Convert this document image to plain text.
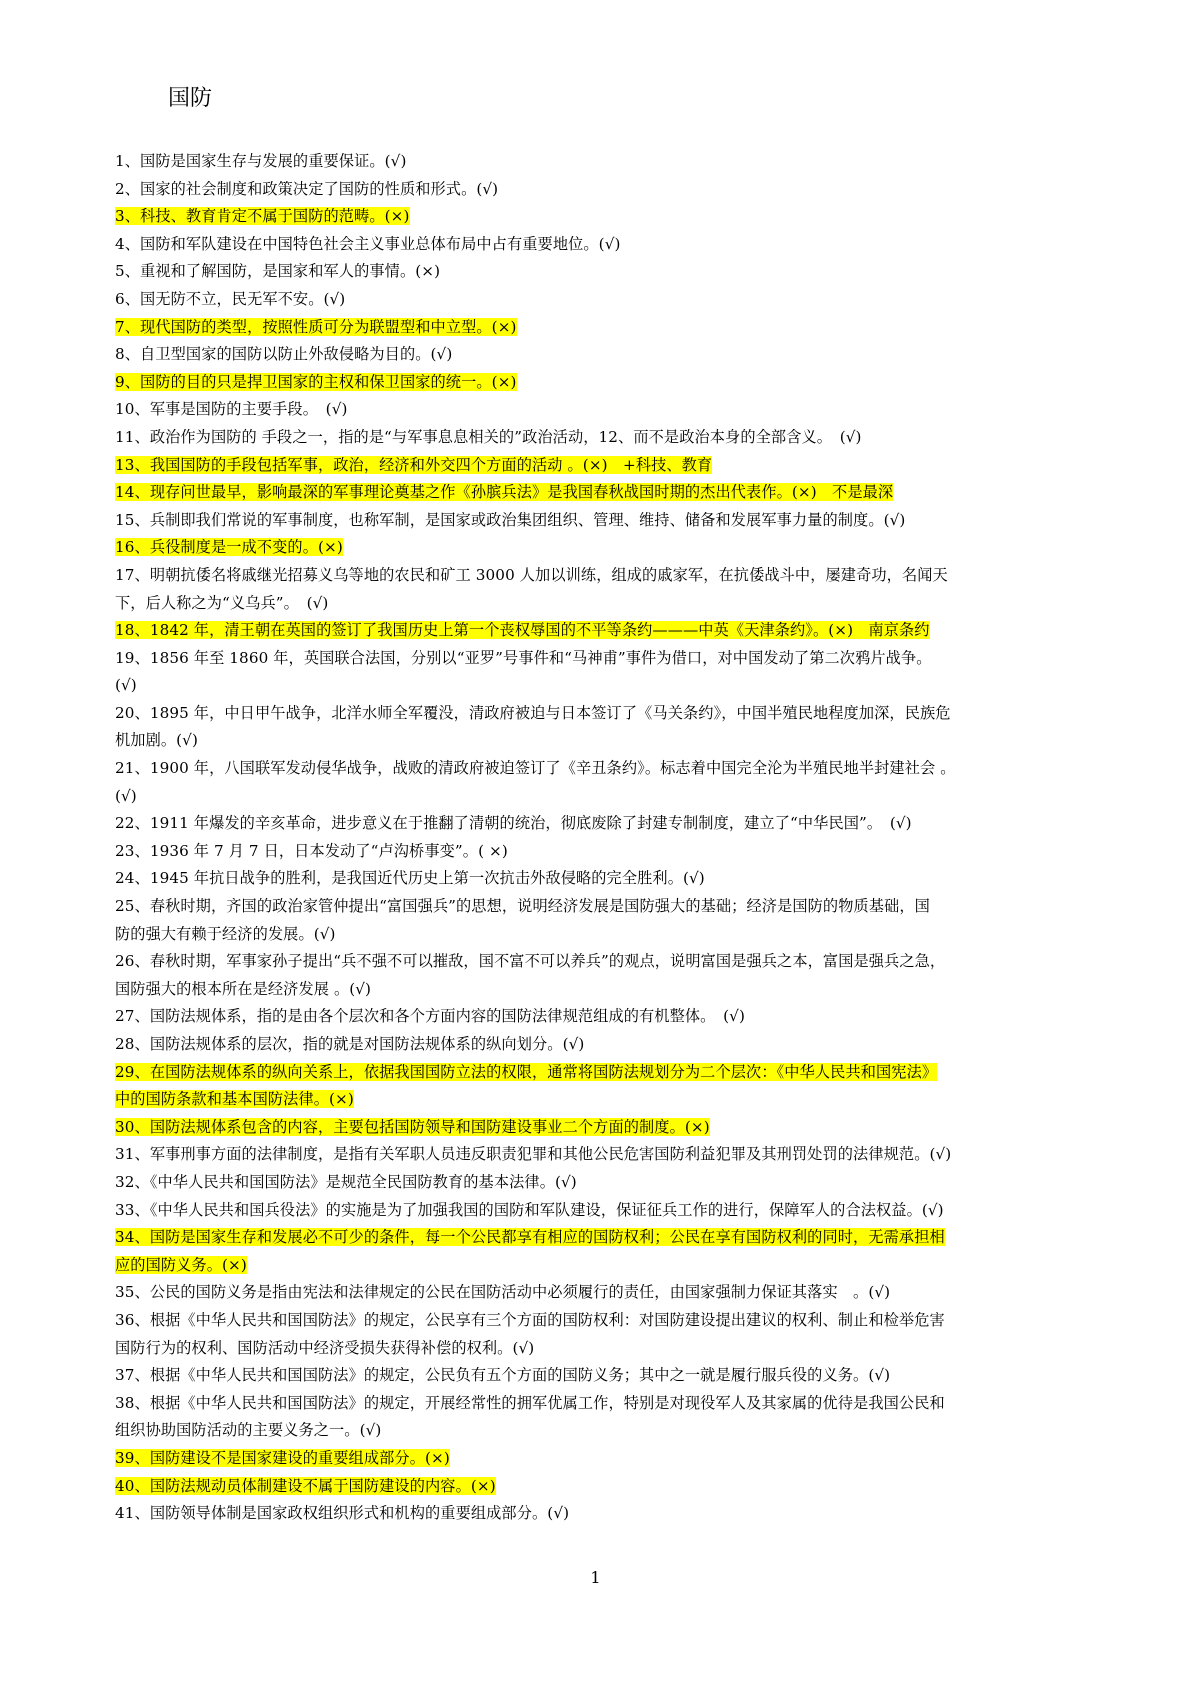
国防
1、国防是国家生存与发展的重要保证。(√)
2、国家的社会制度和政策决定了国防的性质和形式。(√)
3、科技、教育肯定不属于国防的范畴。(×)
4、国防和军队建设在中国特色社会主义事业总体布局中占有重要地位。(√)
5、重视和了解国防，是国家和军人的事情。(×)
6、国无防不立，民无军不安。(√)
7、现代国防的类型，按照性质可分为联盟型和中立型。(×)
8、自卫型国家的国防以防止外敌侵略为目的。(√)
9、国防的目的只是捍卫国家的主权和保卫国家的统一。(×)
10、军事是国防的主要手段。　(√)
11、政治作为国防的 手段之一，指的是“与军事息息相关的”政治活动，12、而不是政治本身的全部含义。　(√)
13、我国国防的手段包括军事，政治，经济和外交四个方面的活动 。(×)　+科技、教育
14、现存问世最早，影响最深的军事理论奠基之作《孙膑兵法》是我国春秋战国时期的杰出代表作。(×)　不是最深
15、兵制即我们常说的军事制度，也称军制，是国家或政治集团组织、管理、维持、储备和发展军事力量的制度。(√)
16、兵役制度是一成不变的。(×)
17、明朝抗倭名将戚继光招募义乌等地的农民和矿工 3000 人加以训练，组成的戚家军，在抗倭战斗中，屡建奇功，名闻天
下，后人称之为“义乌兵”。　(√)
18、1842 年，清王朝在英国的签订了我国历史上第一个丧权辱国的不平等条约———中英《天津条约》。(×)　南京条约
19、1856 年至 1860 年，英国联合法国，分别以“亚罗”号事件和“马神甫”事件为借口，对中国发动了第二次鸦片战争。
(√)
20、1895 年，中日甲午战争，北洋水师全军覆没，清政府被迫与日本签订了《马关条约》，中国半殖民地程度加深，民族危
机加剧。(√)
21、1900 年，八国联军发动侵华战争，战败的清政府被迫签订了《辛丑条约》。标志着中国完全沦为半殖民地半封建社会 。
(√)
22、1911 年爆发的辛亥革命，进步意义在于推翻了清朝的统治，彻底废除了封建专制制度，建立了“中华民国”。　(√)
23、1936 年 7 月 7 日，日本发动了“卢沟桥事变”。( ×)
24、1945 年抗日战争的胜利，是我国近代历史上第一次抗击外敌侵略的完全胜利。(√)
25、春秋时期，齐国的政治家管仲提出“富国强兵”的思想，说明经济发展是国防强大的基础；经济是国防的物质基础，国
防的强大有赖于经济的发展。(√)
26、春秋时期，军事家孙子提出“兵不强不可以摧敌，国不富不可以养兵”的观点，说明富国是强兵之本，富国是强兵之急，
国防强大的根本所在是经济发展 。(√)
27、国防法规体系，指的是由各个层次和各个方面内容的国防法律规范组成的有机整体。　(√)
28、国防法规体系的层次，指的就是对国防法规体系的纵向划分。(√)
29、在国防法规体系的纵向关系上，依据我国国防立法的权限，通常将国防法规划分为二个层次：《中华人民共和国宪法》
中的国防条款和基本国防法律。(×)
30、国防法规体系包含的内容，主要包括国防领导和国防建设事业二个方面的制度。(×)
31、军事刑事方面的法律制度，是指有关军职人员违反职责犯罪和其他公民危害国防利益犯罪及其刑罚处罚的法律规范。(√)
32、《中华人民共和国国防法》是规范全民国防教育的基本法律。(√)
33、《中华人民共和国兵役法》的实施是为了加强我国的国防和军队建设，保证征兵工作的进行，保障军人的合法权益。(√)
34、国防是国家生存和发展必不可少的条件，每一个公民都享有相应的国防权利；公民在享有国防权利的同时，无需承担相
应的国防义务。(×)
35、公民的国防义务是指由宪法和法律规定的公民在国防活动中必须履行的责任，由国家强制力保证其落实　。(√)
36、根据《中华人民共和国国防法》的规定，公民享有三个方面的国防权利：对国防建设提出建议的权利、制止和检举危害
国防行为的权利、国防活动中经济受损失获得补偿的权利。(√)
37、根据《中华人民共和国国防法》的规定，公民负有五个方面的国防义务；其中之一就是履行服兵役的义务。(√)
38、根据《中华人民共和国国防法》的规定，开展经常性的拥军优属工作，特别是对现役军人及其家属的优待是我国公民和
组织协助国防活动的主要义务之一。(√)
39、国防建设不是国家建设的重要组成部分。(×)
40、国防法规动员体制建设不属于国防建设的内容。(×)
41、国防领导体制是国家政权组织形式和机构的重要组成部分。(√)
1
